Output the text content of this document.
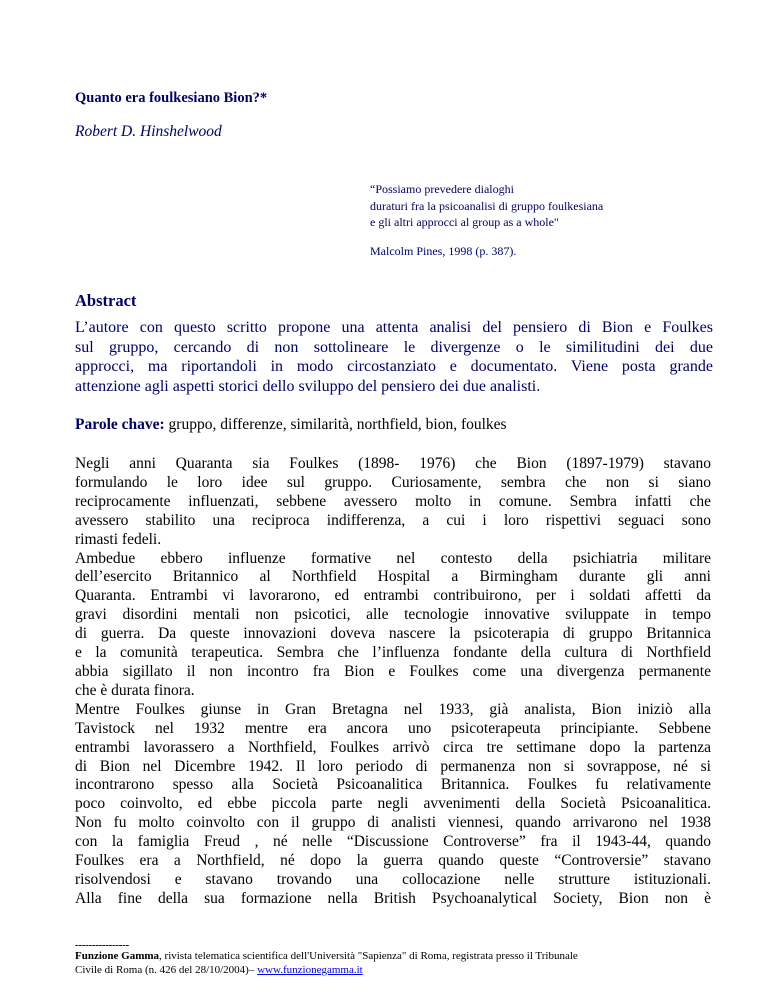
Quanto era foulkesiano Bion?*
Robert D. Hinshelwood
“Possiamo prevedere dialoghi
duraturi fra la psicoanalisi di gruppo foulkesiana
e gli altri approcci al group as a whole"
Malcolm Pines, 1998 (p. 387).
Abstract
L’autore con questo scritto propone una attenta analisi del pensiero di Bion e Foulkes
sul gruppo, cercando di non sottolineare le divergenze o le similitudini dei due
approcci, ma riportandoli in modo circostanziato e documentato. Viene posta grande
attenzione agli aspetti storici dello sviluppo del pensiero dei due analisti.
Parole chave: gruppo, differenze, similarità, northfield, bion, foulkes
Negli anni Quaranta sia Foulkes (1898- 1976) che Bion (1897-1979) stavano
formulando le loro idee sul gruppo. Curiosamente, sembra che non si siano
reciprocamente influenzati, sebbene avessero molto in comune. Sembra infatti che
avessero stabilito una reciproca indifferenza, a cui i loro rispettivi seguaci sono
rimasti fedeli.
Ambedue ebbero influenze formative nel contesto della psichiatria militare
dell’esercito Britannico al Northfield Hospital a Birmingham durante gli anni
Quaranta. Entrambi vi lavorarono, ed entrambi contribuirono, per i soldati affetti da
gravi disordini mentali non psicotici, alle tecnologie innovative sviluppate in tempo
di guerra. Da queste innovazioni doveva nascere la psicoterapia di gruppo Britannica
e la comunità terapeutica. Sembra che l’influenza fondante della cultura di Northfield
abbia sigillato il non incontro fra Bion e Foulkes come una divergenza permanente
che è durata finora.
Mentre Foulkes giunse in Gran Bretagna nel 1933, già analista, Bion iniziò alla
Tavistock nel 1932 mentre era ancora uno psicoterapeuta principiante. Sebbene
entrambi lavorassero a Northfield, Foulkes arrivò circa tre settimane dopo la partenza
di Bion nel Dicembre 1942. Il loro periodo di permanenza non si sovrappose, né si
incontrarono spesso alla Società Psicoanalitica Britannica. Foulkes fu relativamente
poco coinvolto, ed ebbe piccola parte negli avvenimenti della Società Psicoanalitica.
Non fu molto coinvolto con il gruppo di analisti viennesi, quando arrivarono nel 1938
con la famiglia Freud , né nelle “Discussione Controverse” fra il 1943-44, quando
Foulkes era a Northfield, né dopo la guerra quando queste “Controversie” stavano
risolvendosi e stavano trovando una collocazione nelle strutture istituzionali.
Alla fine della sua formazione nella British Psychoanalytical Society, Bion non è
----------------
Funzione Gamma, rivista telematica scientifica dell'Università "Sapienza" di Roma, registrata presso il Tribunale
Civile di Roma (n. 426 del 28/10/2004)– www.funzionegamma.it
